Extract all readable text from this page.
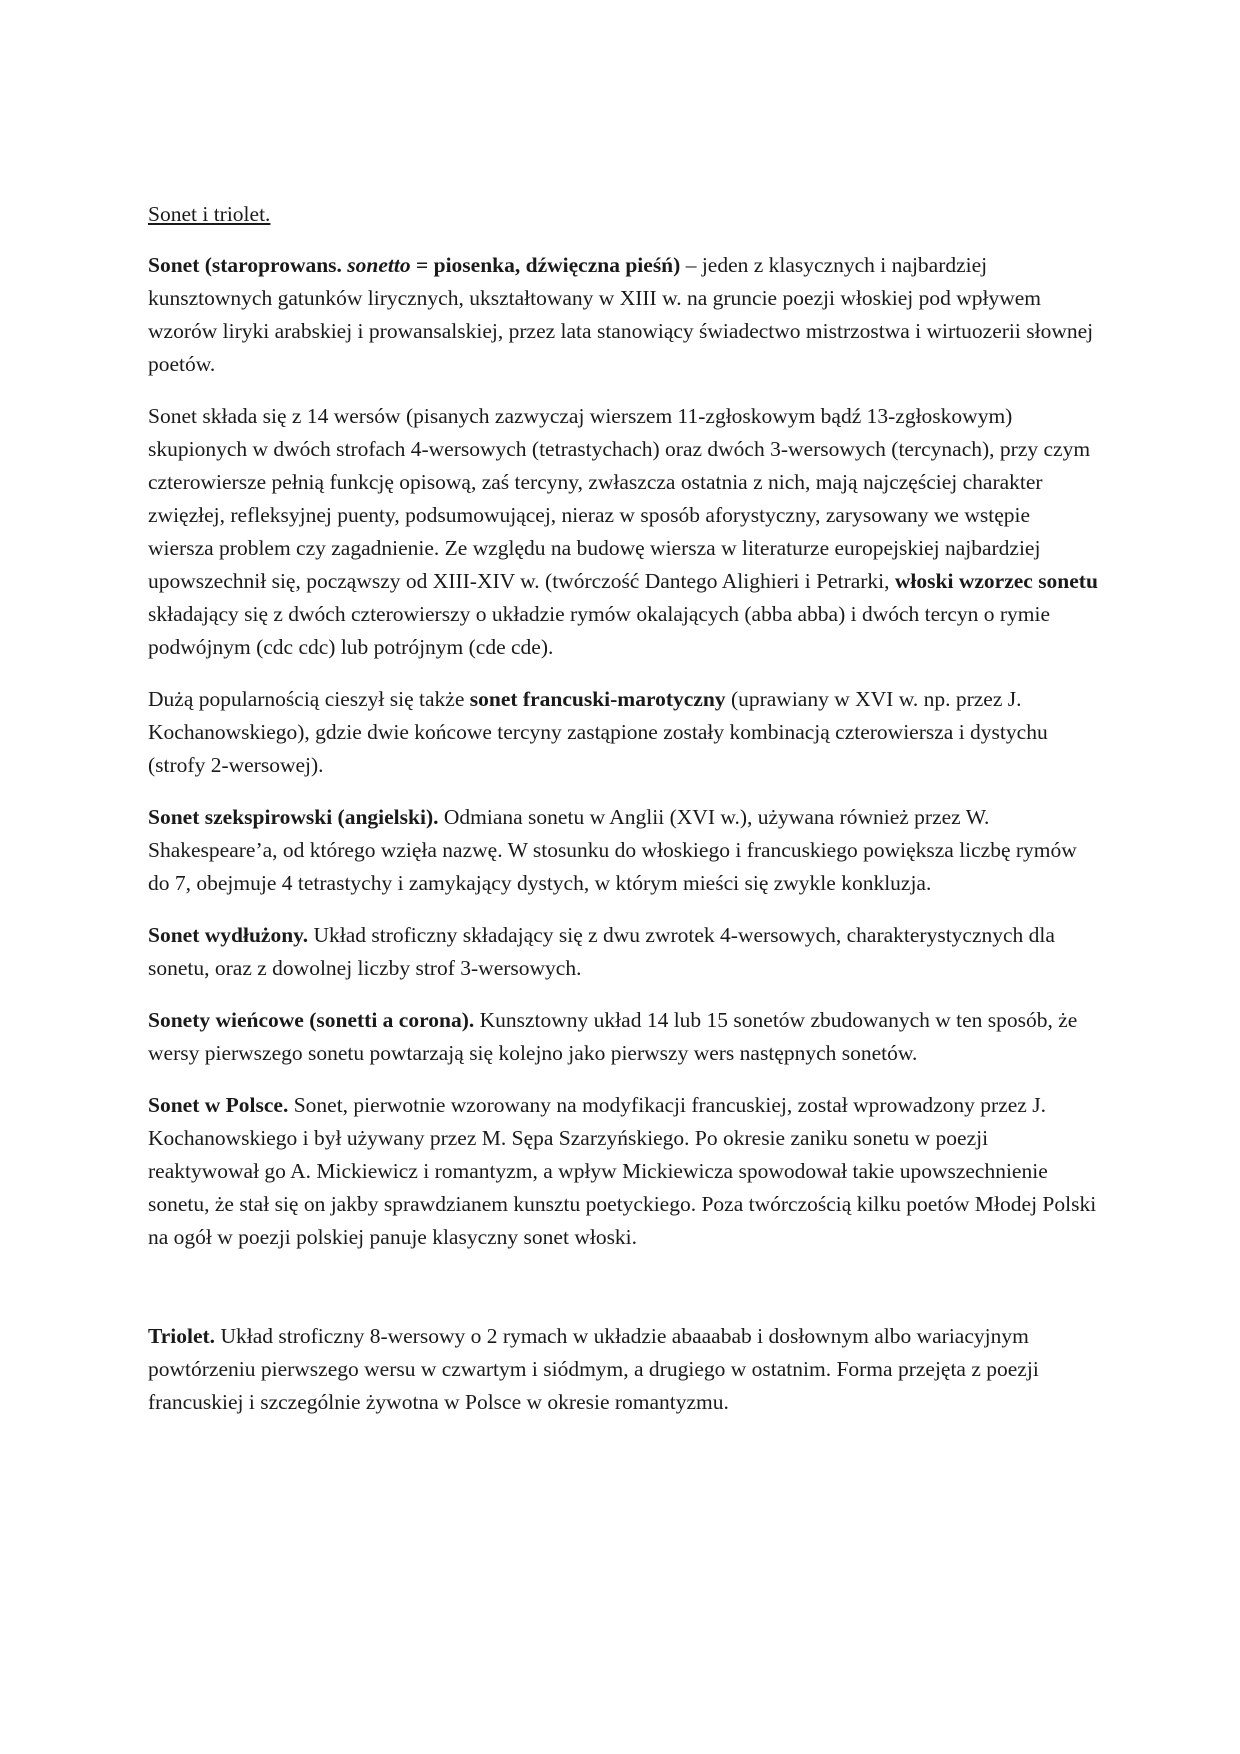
Sonet i triolet.

Sonet (staroprowans. sonetto = piosenka, dźwięczna pieśń) – jeden z klasycznych i najbardziej kunsztownych gatunków lirycznych, ukształtowany w XIII w. na gruncie poezji włoskiej pod wpływem wzorów liryki arabskiej i prowansalskiej, przez lata stanowiący świadectwo mistrzostwa i wirtuozerii słownej poetów.

Sonet składa się z 14 wersów (pisanych zazwyczaj wierszem 11-zgłoskowym bądź 13-zgłoskowym) skupionych w dwóch strofach 4-wersowych (tetrastychach) oraz dwóch 3-wersowych (tercynach), przy czym czterowiersze pełnią funkcję opisową, zaś tercyny, zwłaszcza ostatnia z nich, mają najczęściej charakter zwięzłej, refleksyjnej puenty, podsumowującej, nieraz w sposób aforystyczny, zarysowany we wstępie wiersza problem czy zagadnienie. Ze względu na budowę wiersza w literaturze europejskiej najbardziej upowszechnił się, począwszy od XIII-XIV w. (twórczość Dantego Alighieri i Petrarki, włoski wzorzec sonetu składający się z dwóch czterowierszy o układzie rymów okalających (abba abba) i dwóch tercyn o rymie podwójnym (cdc cdc) lub potrójnym (cde cde).

Dużą popularnością cieszył się także sonet francuski-marotyczny (uprawiany w XVI w. np. przez J. Kochanowskiego), gdzie dwie końcowe tercyny zastąpione zostały kombinacją czterowiersza i dystychu (strofy 2-wersowej).

Sonet szekspirowski (angielski). Odmiana sonetu w Anglii (XVI w.), używana również przez W. Shakespeare’a, od którego wzięła nazwę. W stosunku do włoskiego i francuskiego powiększa liczbę rymów do 7, obejmuje 4 tetrastychy i zamykający dystych, w którym mieści się zwykle konkluzja.

Sonet wydłużony. Układ stroficzny składający się z dwu zwrotek 4-wersowych, charakterystycznych dla sonetu, oraz z dowolnej liczby strof 3-wersowych.

Sonety wieńcowe (sonetti a corona). Kunsztowny układ 14 lub 15 sonetów zbudowanych w ten sposób, że wersy pierwszego sonetu powtarzają się kolejno jako pierwszy wers następnych sonetów.

Sonet w Polsce. Sonet, pierwotnie wzorowany na modyfikacji francuskiej, został wprowadzony przez J. Kochanowskiego i był używany przez M. Sępa Szarzyńskiego. Po okresie zaniku sonetu w poezji reaktywował go A. Mickiewicz i romantyzm, a wpływ Mickiewicza spowodował takie upowszechnienie sonetu, że stał się on jakby sprawdzianem kunsztu poetyckiego. Poza twórczością kilku poetów Młodej Polski na ogół w poezji polskiej panuje klasyczny sonet włoski.

Triolet. Układ stroficzny 8-wersowy o 2 rymach w układzie abaaabab i dosłownym albo wariacyjnym powtórzeniu pierwszego wersu w czwartym i siódmym, a drugiego w ostatnim. Forma przejęta z poezji francuskiej i szczególnie żywotna w Polsce w okresie romantyzmu.
